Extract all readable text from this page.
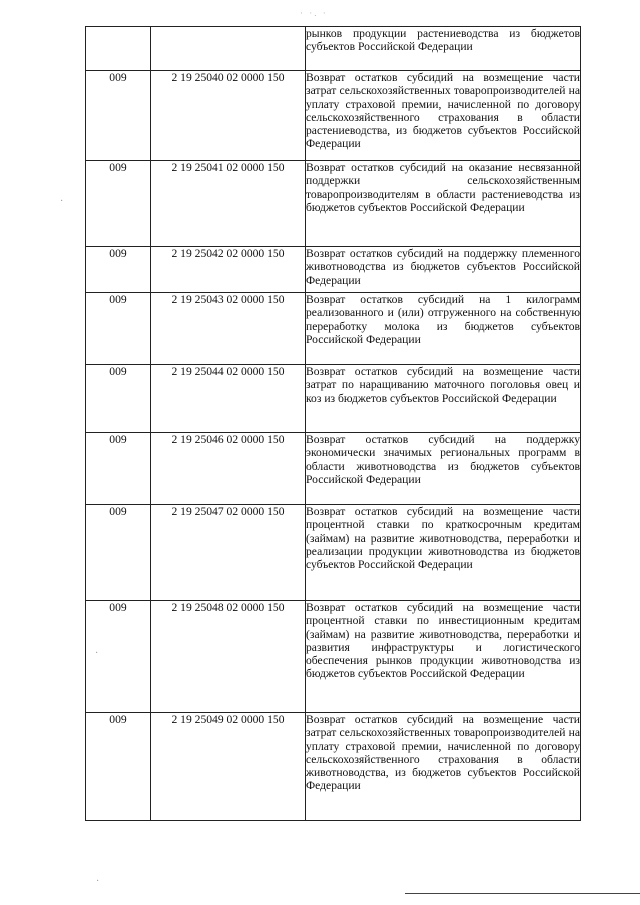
· ·. ·

		рынков продукции растениеводства из бюджетов субъектов Российской Федерации

009	2 19 25040 02 0000 150	Возврат остатков субсидий на возмещение части затрат сельскохозяйственных товаропроизводителей на уплату страховой премии, начисленной по договору сельскохозяйственного страхования в области растениеводства, из бюджетов субъектов Российской Федерации

009	2 19 25041 02 0000 150	Возврат остатков субсидий на оказание несвязанной поддержки сельскохозяйственным товаропроизводителям в области растениеводства из бюджетов субъектов Российской Федерации

009	2 19 25042 02 0000 150	Возврат остатков субсидий на поддержку племенного животноводства из бюджетов субъектов Российской Федерации

009	2 19 25043 02 0000 150	Возврат остатков субсидий на 1 килограмм реализованного и (или) отгруженного на собственную переработку молока из бюджетов субъектов Российской Федерации

009	2 19 25044 02 0000 150	Возврат остатков субсидий на возмещение части затрат по наращиванию маточного поголовья овец и коз из бюджетов субъектов Российской Федерации

009	2 19 25046 02 0000 150	Возврат остатков субсидий на поддержку экономически значимых региональных программ в области животноводства из бюджетов субъектов Российской Федерации

009	2 19 25047 02 0000 150	Возврат остатков субсидий на возмещение части процентной ставки по краткосрочным кредитам (займам) на развитие животноводства, переработки и реализации продукции животноводства из бюджетов субъектов Российской Федерации

009	2 19 25048 02 0000 150	Возврат остатков субсидий на возмещение части процентной ставки по инвестиционным кредитам (займам) на развитие животноводства, переработки и развития инфраструктуры и логистического обеспечения рынков продукции животноводства из бюджетов субъектов Российской Федерации

009	2 19 25049 02 0000 150	Возврат остатков субсидий на возмещение части затрат сельскохозяйственных товаропроизводителей на уплату страховой премии, начисленной по договору сельскохозяйственного страхования в области животноводства, из бюджетов субъектов Российской Федерации
·
·
·
